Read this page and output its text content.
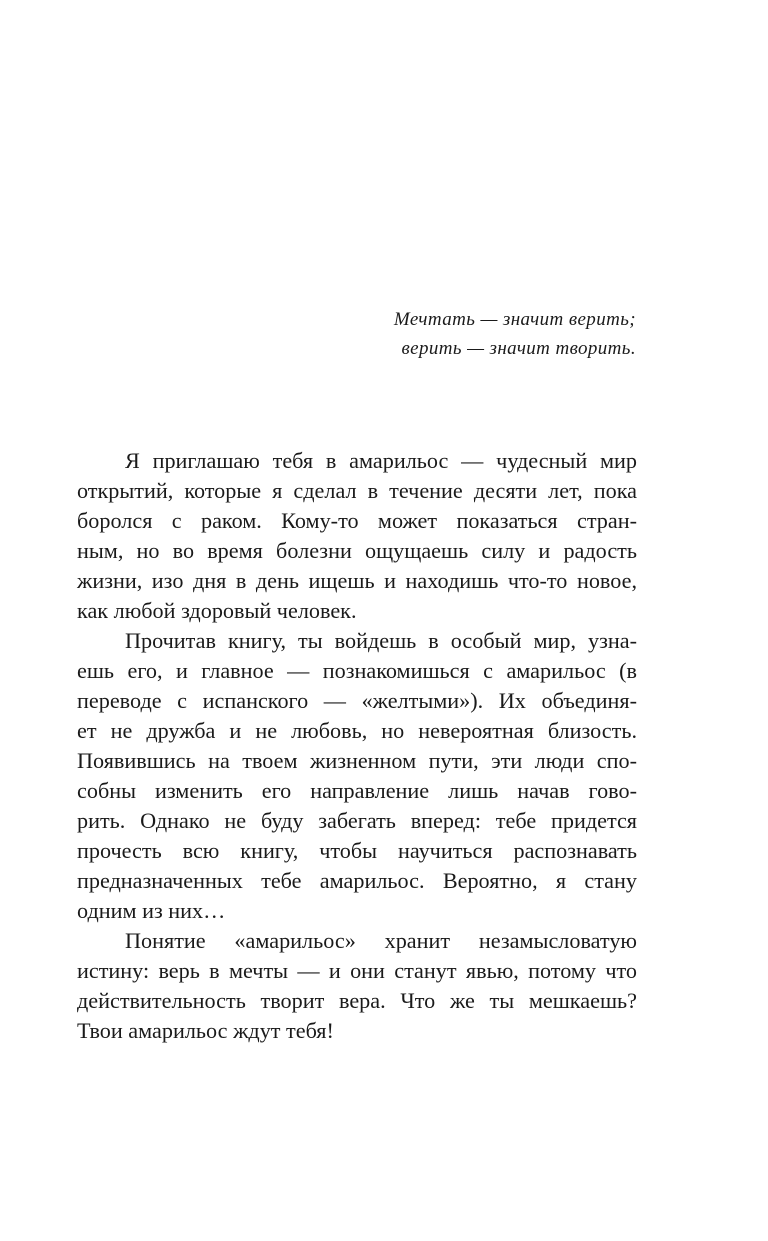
Мечтать — значит верить;
верить — значит творить.

Я приглашаю тебя в амарильос — чудесный мир
открытий, которые я сделал в течение десяти лет, пока
боролся с раком. Кому-то может показаться стран-
ным, но во время болезни ощущаешь силу и радость
жизни, изо дня в день ищешь и находишь что-то новое,
как любой здоровый человек.

Прочитав книгу, ты войдешь в особый мир, узна-
ешь его, и главное — познакомишься с амарильос (в
переводе с испанского — «желтыми»). Их объединя-
ет не дружба и не любовь, но невероятная близость.
Появившись на твоем жизненном пути, эти люди спо-
собны изменить его направление лишь начав гово-
рить. Однако не буду забегать вперед: тебе придется
прочесть всю книгу, чтобы научиться распознавать
предназначенных тебе амарильос. Вероятно, я стану
одним из них…

Понятие «амарильос» хранит незамысловатую
истину: верь в мечты — и они станут явью, потому что
действительность творит вера. Что же ты мешкаешь?
Твои амарильос ждут тебя!
